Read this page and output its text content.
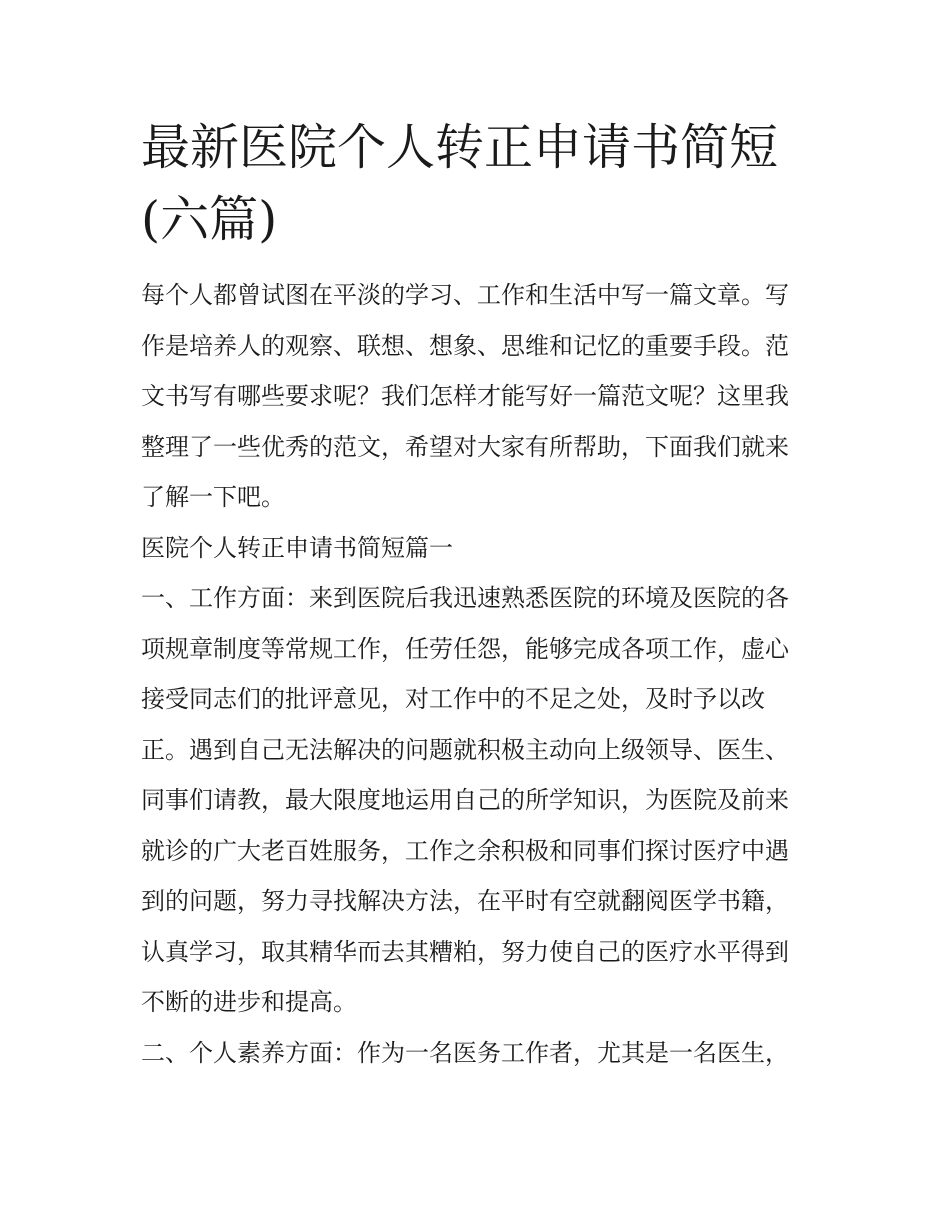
最新医院个人转正申请书简短
(六篇)

每个人都曾试图在平淡的学习、工作和生活中写一篇文章。写
作是培养人的观察、联想、想象、思维和记忆的重要手段。范
文书写有哪些要求呢？我们怎样才能写好一篇范文呢？这里我
整理了一些优秀的范文，希望对大家有所帮助，下面我们就来
了解一下吧。

医院个人转正申请书简短篇一

一、工作方面：来到医院后我迅速熟悉医院的环境及医院的各
项规章制度等常规工作，任劳任怨，能够完成各项工作，虚心
接受同志们的批评意见，对工作中的不足之处，及时予以改
正。遇到自己无法解决的问题就积极主动向上级领导、医生、
同事们请教，最大限度地运用自己的所学知识，为医院及前来
就诊的广大老百姓服务，工作之余积极和同事们探讨医疗中遇
到的问题，努力寻找解决方法，在平时有空就翻阅医学书籍，
认真学习，取其精华而去其糟粕，努力使自己的医疗水平得到
不断的进步和提高。

二、个人素养方面：作为一名医务工作者，尤其是一名医生，
